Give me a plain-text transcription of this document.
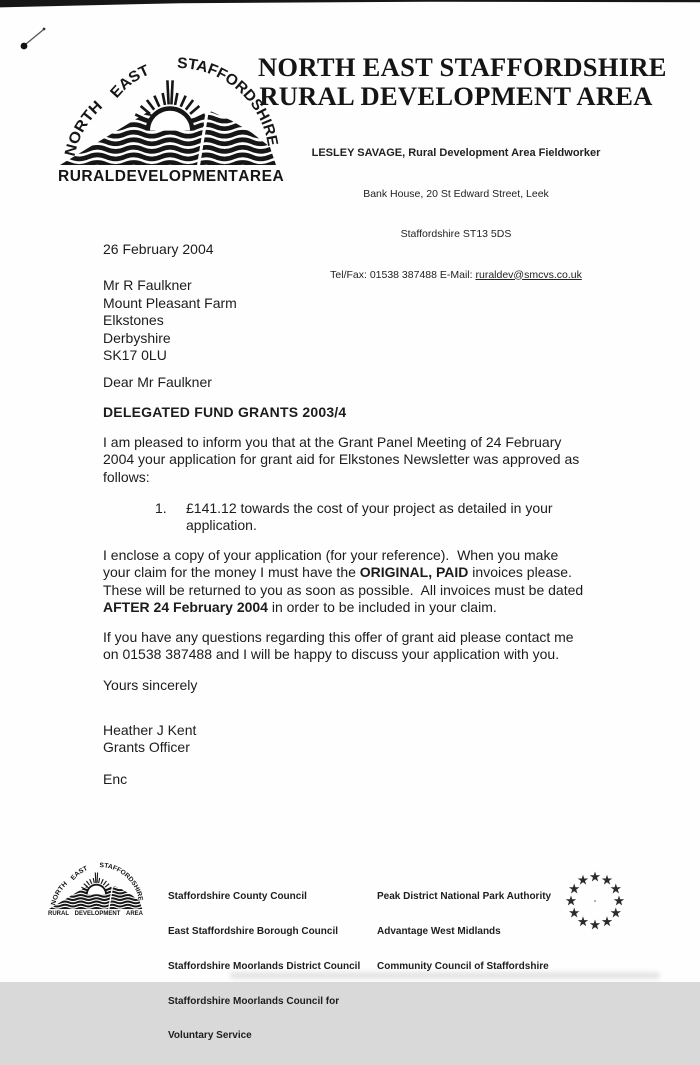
RURAL DEVELOPMENT AREA
NORTH EAST STAFFORDSHIRE
RURAL DEVELOPMENT AREA

LESLEY SAVAGE, Rural Development Area Fieldworker

Bank House, 20 St Edward Street, Leek

Staffordshire ST13 5DS

Tel/Fax: 01538 387488 E-Mail: ruraldev@smcvs.co.uk

26 February 2004
Mr R Faulkner
Mount Pleasant Farm
Elkstones
Derbyshire
SK17 0LU
Dear Mr Faulkner
DELEGATED FUND GRANTS 2003/4
I am pleased to inform you that at the Grant Panel Meeting of 24 February
2004 your application for grant aid for Elkstones Newsletter was approved as
follows:
1.	£141.12 towards the cost of your project as detailed in your
application.
I enclose a copy of your application (for your reference).  When you make
your claim for the money I must have the ORIGINAL, PAID invoices please.
These will be returned to you as soon as possible.  All invoices must be dated
AFTER 24 February 2004 in order to be included in your claim.
If you have any questions regarding this offer of grant aid please contact me
on 01538 387488 and I will be happy to discuss your application with you.
Yours sincerely
Heather J Kent
Grants Officer
Enc
RURAL DEVELOPMENT AREA

Staffordshire County Council

East Staffordshire Borough Council

Staffordshire Moorlands District Council

Staffordshire Moorlands Council for

Voluntary Service

Peak District National Park Authority

Advantage West Midlands

Community Council of Staffordshire
